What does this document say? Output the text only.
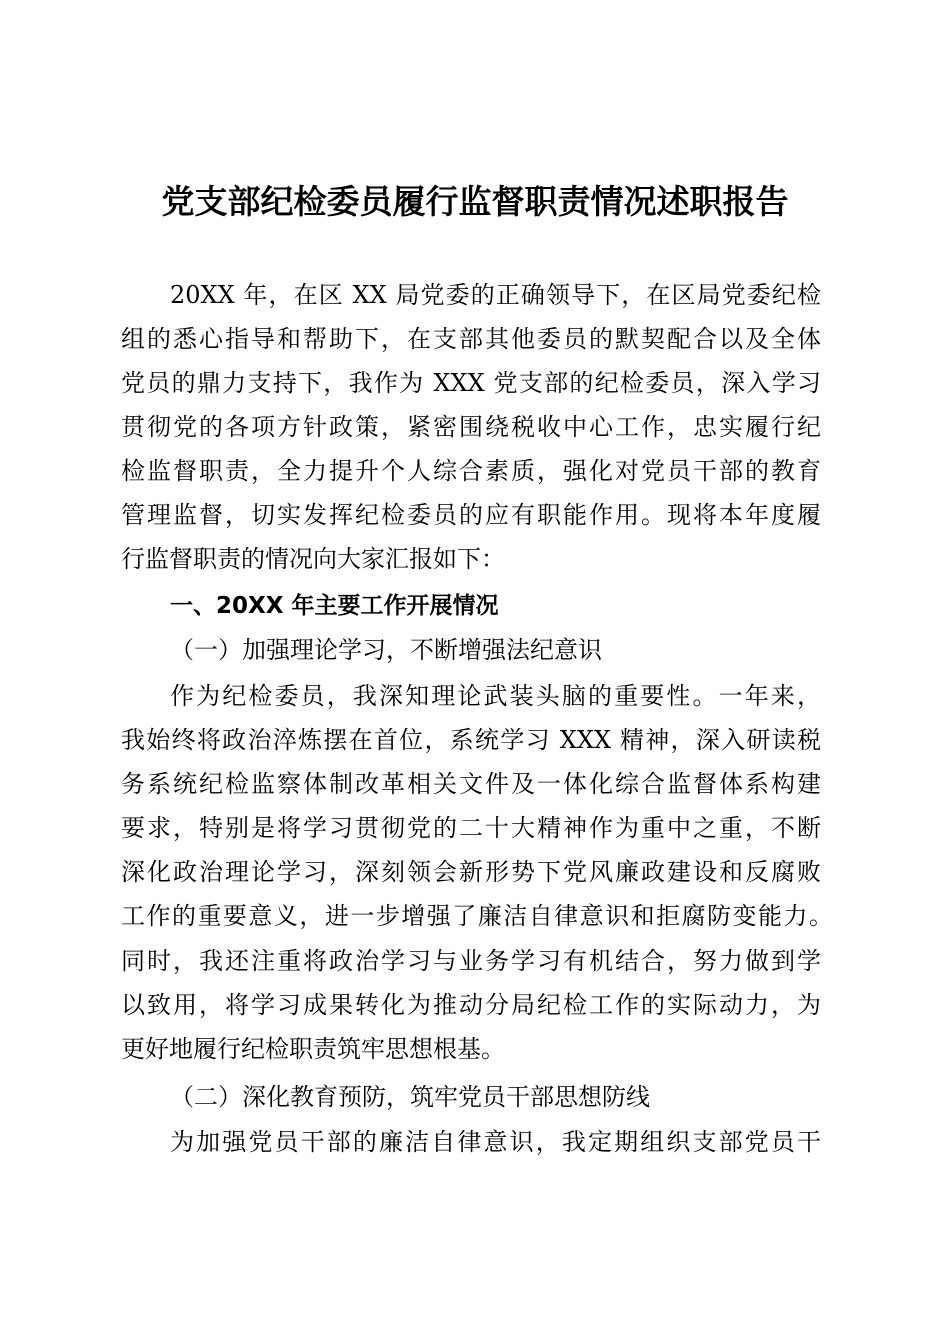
党支部纪检委员履行监督职责情况述职报告
20XX 年，在区 XX 局党委的正确领导下，在区局党委纪检
组的悉心指导和帮助下，在支部其他委员的默契配合以及全体
党员的鼎力支持下，我作为 XXX 党支部的纪检委员，深入学习
贯彻党的各项方针政策，紧密围绕税收中心工作，忠实履行纪
检监督职责，全力提升个人综合素质，强化对党员干部的教育
管理监督，切实发挥纪检委员的应有职能作用。现将本年度履
行监督职责的情况向大家汇报如下：
一、20XX 年主要工作开展情况
（一）加强理论学习，不断增强法纪意识
作为纪检委员，我深知理论武装头脑的重要性。一年来，
我始终将政治淬炼摆在首位，系统学习 XXX 精神，深入研读税
务系统纪检监察体制改革相关文件及一体化综合监督体系构建
要求，特别是将学习贯彻党的二十大精神作为重中之重，不断
深化政治理论学习，深刻领会新形势下党风廉政建设和反腐败
工作的重要意义，进一步增强了廉洁自律意识和拒腐防变能力。
同时，我还注重将政治学习与业务学习有机结合，努力做到学
以致用，将学习成果转化为推动分局纪检工作的实际动力，为
更好地履行纪检职责筑牢思想根基。
（二）深化教育预防，筑牢党员干部思想防线
为加强党员干部的廉洁自律意识，我定期组织支部党员干
